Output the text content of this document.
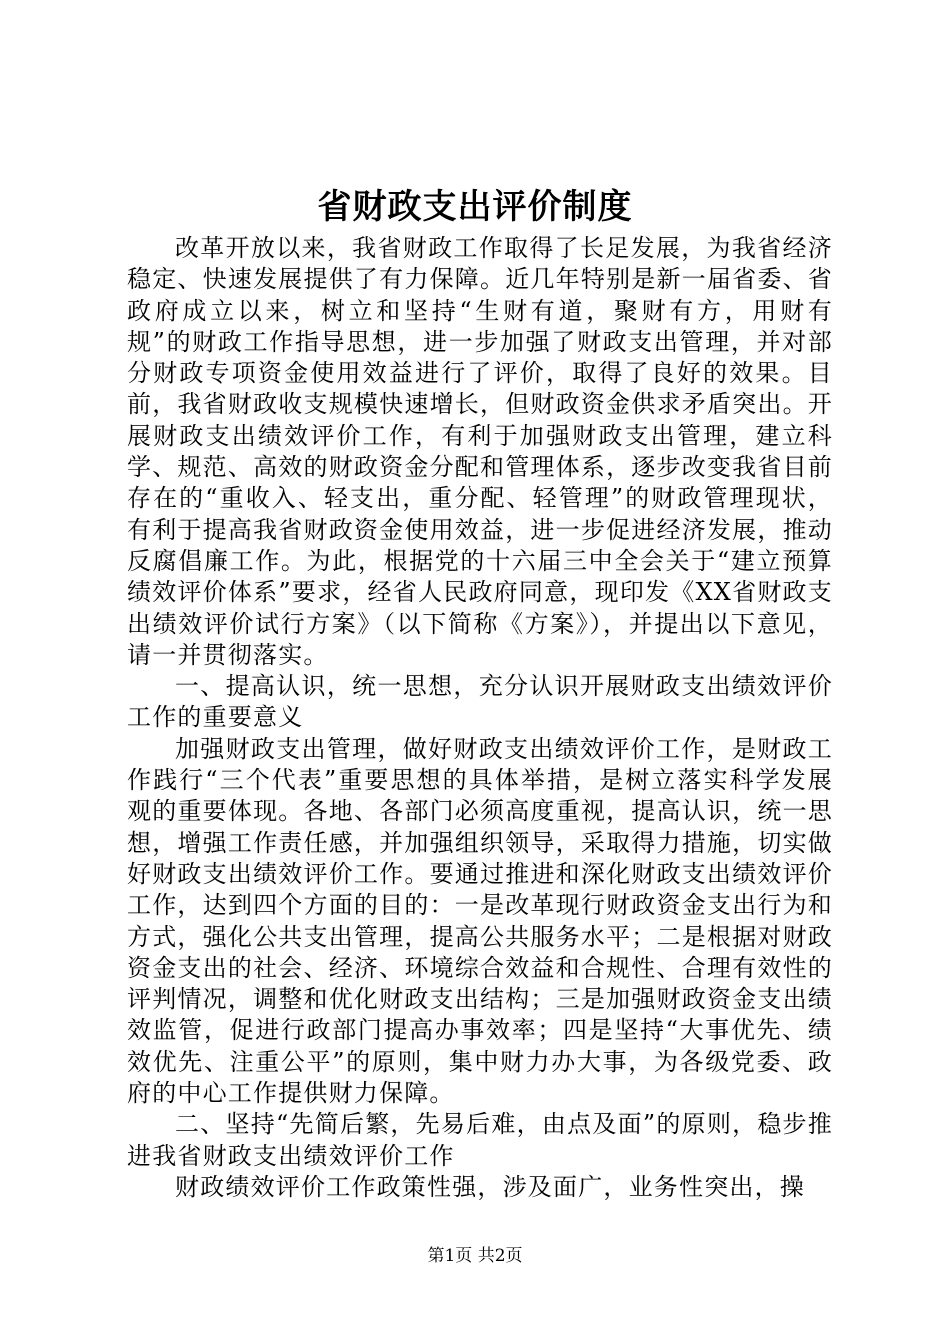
省财政支出评价制度

改革开放以来，我省财政工作取得了长足发展，为我省经济稳定、快速发展提供了有力保障。近几年特别是新一届省委、省政府成立以来，树立和坚持“生财有道，聚财有方，用财有规”的财政工作指导思想，进一步加强了财政支出管理，并对部分财政专项资金使用效益进行了评价，取得了良好的效果。目前，我省财政收支规模快速增长，但财政资金供求矛盾突出。开展财政支出绩效评价工作，有利于加强财政支出管理，建立科学、规范、高效的财政资金分配和管理体系，逐步改变我省目前存在的“重收入、轻支出，重分配、轻管理”的财政管理现状，有利于提高我省财政资金使用效益，进一步促进经济发展，推动反腐倡廉工作。为此，根据党的十六届三中全会关于“建立预算绩效评价体系”要求，经省人民政府同意，现印发《XX省财政支出绩效评价试行方案》（以下简称《方案》），并提出以下意见，请一并贯彻落实。

一、提高认识，统一思想，充分认识开展财政支出绩效评价工作的重要意义

加强财政支出管理，做好财政支出绩效评价工作，是财政工作践行“三个代表”重要思想的具体举措，是树立落实科学发展观的重要体现。各地、各部门必须高度重视，提高认识，统一思想，增强工作责任感，并加强组织领导，采取得力措施，切实做好财政支出绩效评价工作。要通过推进和深化财政支出绩效评价工作，达到四个方面的目的：一是改革现行财政资金支出行为和方式，强化公共支出管理，提高公共服务水平；二是根据对财政资金支出的社会、经济、环境综合效益和合规性、合理有效性的评判情况，调整和优化财政支出结构；三是加强财政资金支出绩效监管，促进行政部门提高办事效率；四是坚持“大事优先、绩效优先、注重公平”的原则，集中财力办大事，为各级党委、政府的中心工作提供财力保障。

二、坚持“先简后繁，先易后难，由点及面”的原则，稳步推进我省财政支出绩效评价工作

财政绩效评价工作政策性强，涉及面广，业务性突出，操

第1页 共2页
